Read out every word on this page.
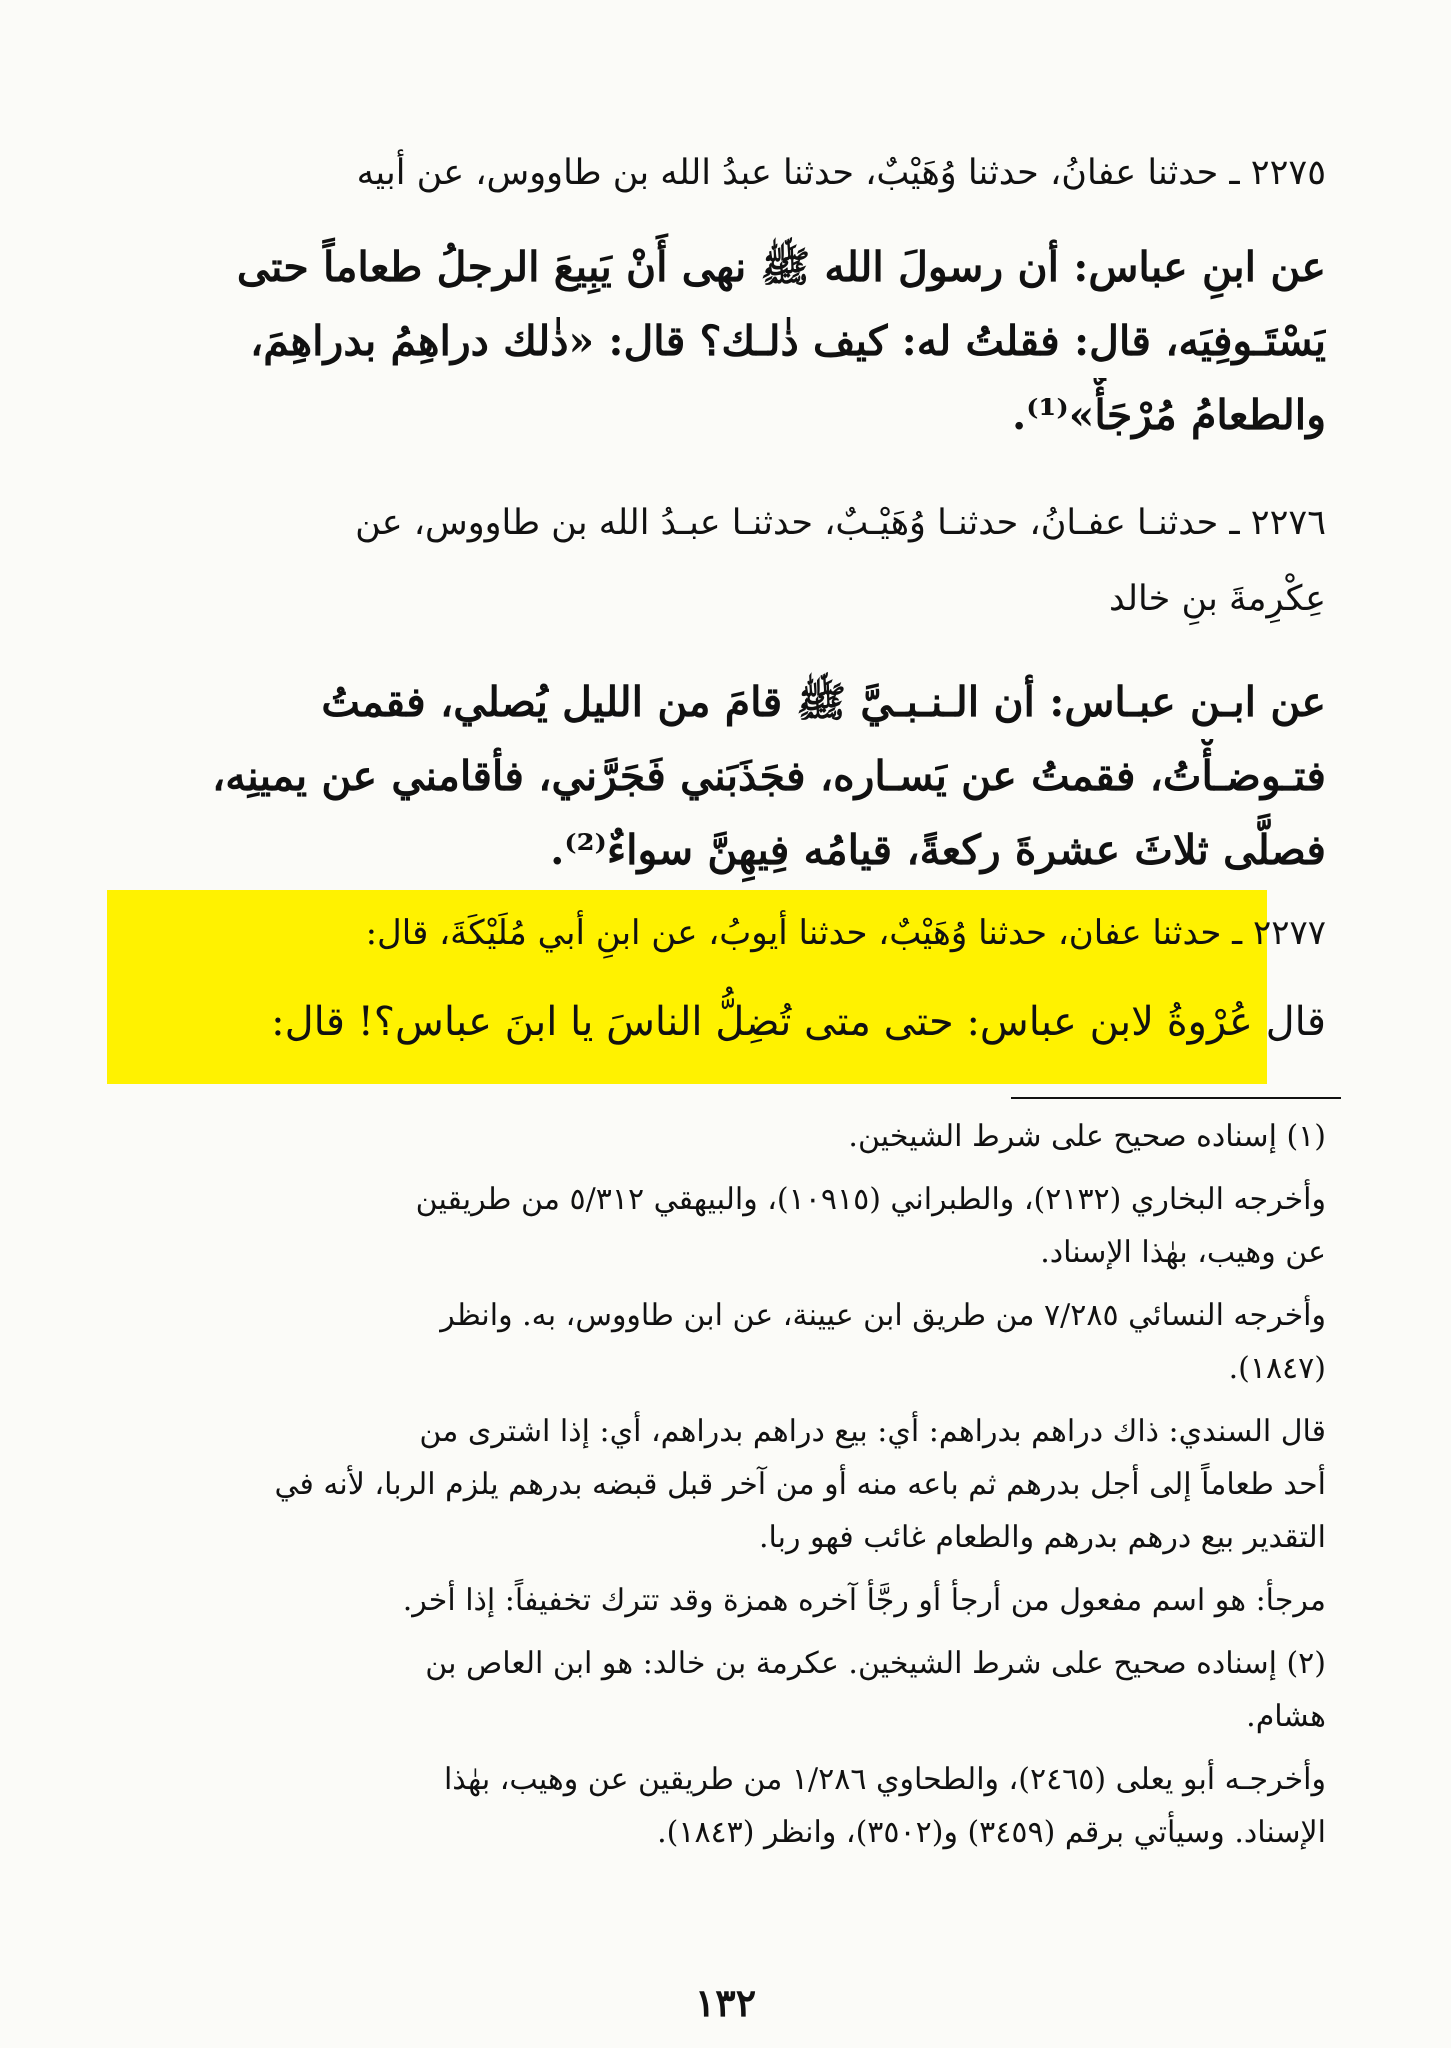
٢٢٧٥ ـ حدثنا عفانُ، حدثنا وُهَيْبٌ، حدثنا عبدُ الله بن طاووس، عن أبيه
عن ابنِ عباس: أن رسولَ الله ﷺ نهى أَنْ يَبِيعَ الرجلُ طعاماً حتى
يَسْتَـوفِيَه، قال: فقلتُ له: كيف ذٰلـك؟ قال: «ذٰلك دراهِمُ بدراهِمَ،
والطعامُ مُرْجَأٌ»⁽¹⁾.
٢٢٧٦ ـ حدثنـا عفـانُ، حدثنـا وُهَيْـبٌ، حدثنـا عبـدُ الله بن طاووس، عن
عِكْرِمةَ بنِ خالد
عن ابـن عبـاس: أن الـنـبـيَّ ﷺ قامَ من الليل يُصلي، فقمتُ
فتـوضـأْتُ، فقمتُ عن يَسـاره، فجَذَبَني فَجَرَّني، فأقامني عن يمينِه،
فصلَّى ثلاثَ عشرةَ ركعةً، قيامُه فِيهِنَّ سواءٌ⁽²⁾.
٢٢٧٧ ـ حدثنا عفان، حدثنا وُهَيْبٌ، حدثنا أيوبُ، عن ابنِ أبي مُلَيْكَةَ، قال:
قال عُرْوةُ لابن عباس: حتى متى تُضِلُّ الناسَ يا ابنَ عباس؟! قال:

(١) إسناده صحيح على شرط الشيخين.

وأخرجه البخاري (٢١٣٢)، والطبراني (١٠٩١٥)، والبيهقي ٥/٣١٢ من طريقين
عن وهيب، بهٰذا الإسناد.

وأخرجه النسائي ٧/٢٨٥ من طريق ابن عيينة، عن ابن طاووس، به. وانظر
(١٨٤٧).

قال السندي: ذاك دراهم بدراهم: أي: بيع دراهم بدراهم، أي: إذا اشترى من
أحد طعاماً إلى أجل بدرهم ثم باعه منه أو من آخر قبل قبضه بدرهم يلزم الربا، لأنه في
التقدير بيع درهم بدرهم والطعام غائب فهو ربا.

مرجأ: هو اسم مفعول من أرجأ أو رجَّأ آخره همزة وقد تترك تخفيفاً: إذا أخر.

(٢) إسناده صحيح على شرط الشيخين. عكرمة بن خالد: هو ابن العاص بن
هشام.

وأخرجـه أبو يعلى (٢٤٦٥)، والطحاوي ١/٢٨٦ من طريقين عن وهيب، بهٰذا
الإسناد. وسيأتي برقم (٣٤٥٩) و(٣٥٠٢)، وانظر (١٨٤٣).

١٣٢
